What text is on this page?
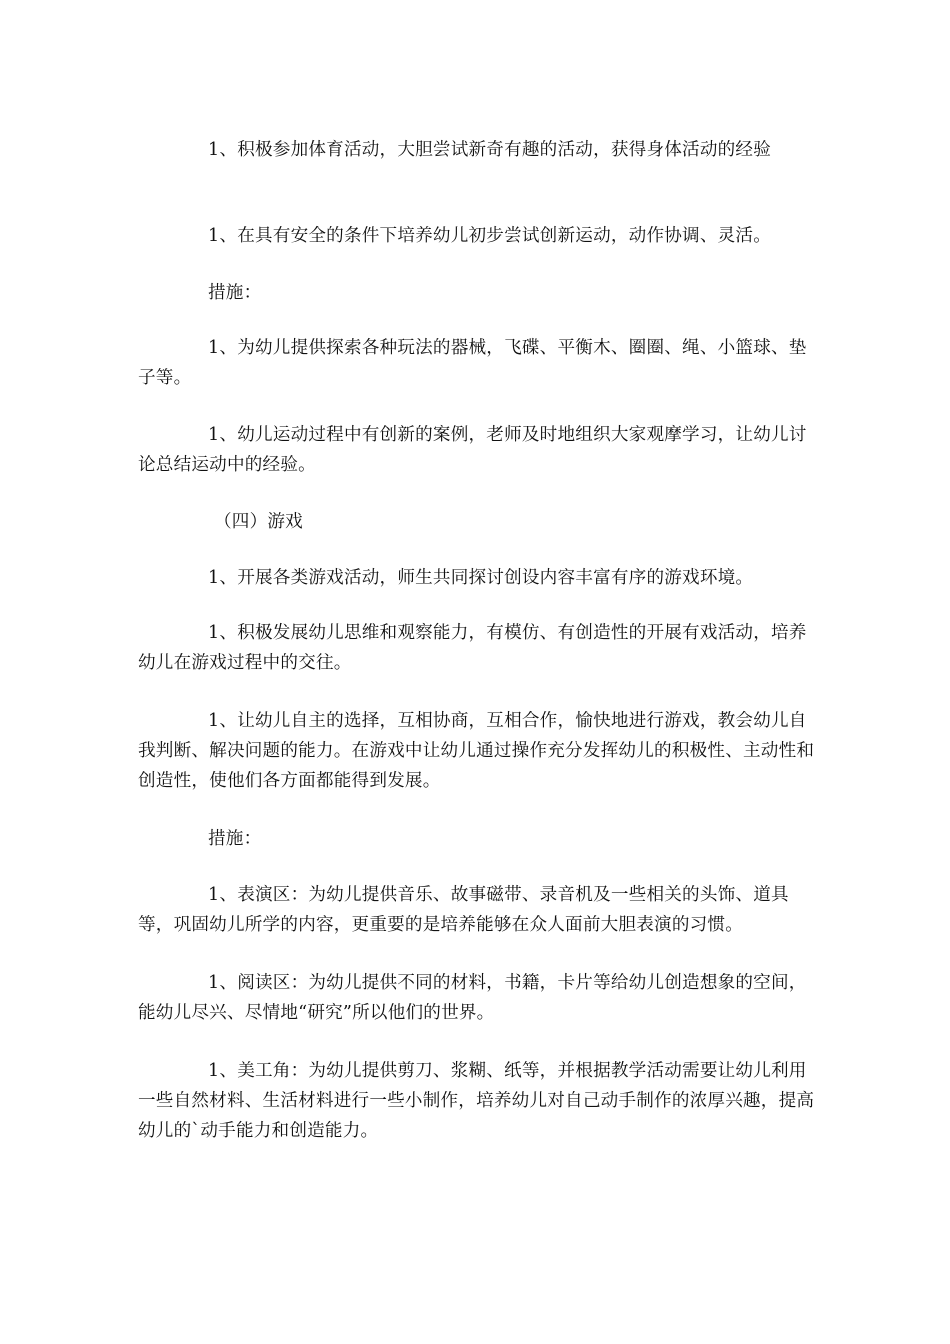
1、积极参加体育活动，大胆尝试新奇有趣的活动，获得身体活动的经验

1、在具有安全的条件下培养幼儿初步尝试创新运动，动作协调、灵活。

措施：

1、为幼儿提供探索各种玩法的器械，飞碟、平衡木、圈圈、绳、小篮球、垫子等。

1、幼儿运动过程中有创新的案例，老师及时地组织大家观摩学习，让幼儿讨论总结运动中的经验。

（四）游戏

1、开展各类游戏活动，师生共同探讨创设内容丰富有序的游戏环境。

1、积极发展幼儿思维和观察能力，有模仿、有创造性的开展有戏活动，培养幼儿在游戏过程中的交往。

1、让幼儿自主的选择，互相协商，互相合作，愉快地进行游戏，教会幼儿自我判断、解决问题的能力。在游戏中让幼儿通过操作充分发挥幼儿的积极性、主动性和创造性，使他们各方面都能得到发展。

措施：

1、表演区：为幼儿提供音乐、故事磁带、录音机及一些相关的头饰、道具等，巩固幼儿所学的内容，更重要的是培养能够在众人面前大胆表演的习惯。

1、阅读区：为幼儿提供不同的材料，书籍，卡片等给幼儿创造想象的空间，能幼儿尽兴、尽情地“研究”所以他们的世界。

1、美工角：为幼儿提供剪刀、浆糊、纸等，并根据教学活动需要让幼儿利用一些自然材料、生活材料进行一些小制作，培养幼儿对自己动手制作的浓厚兴趣，提高幼儿的`动手能力和创造能力。
